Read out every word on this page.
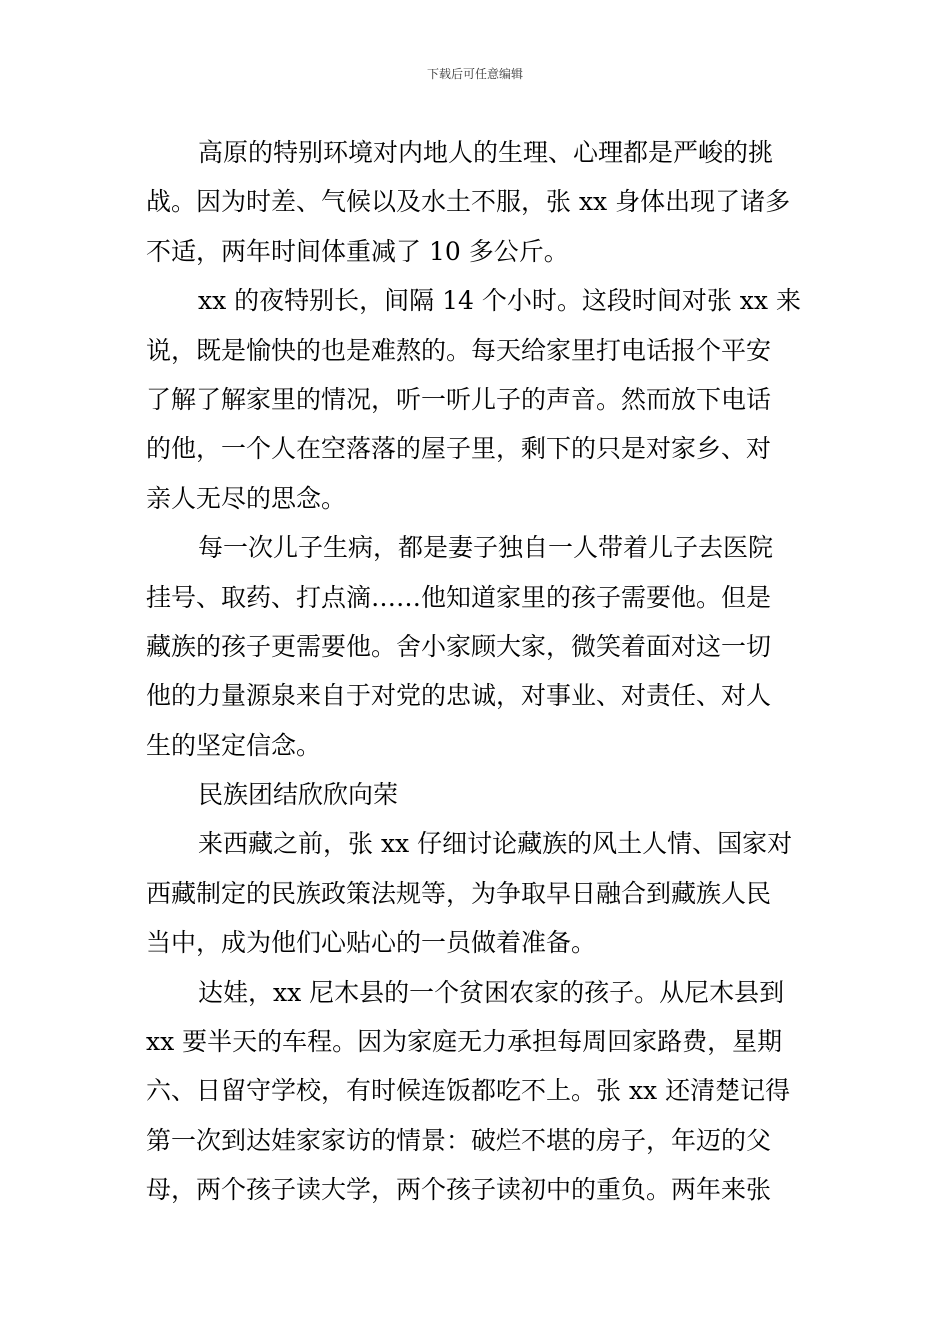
下载后可任意编辑
高原的特别环境对内地人的生理、心理都是严峻的挑
战。因为时差、气候以及水土不服，张 xx 身体出现了诸多
不适，两年时间体重减了 10 多公斤。
xx 的夜特别长，间隔 14 个小时。这段时间对张 xx 来
说，既是愉快的也是难熬的。每天给家里打电话报个平安
了解了解家里的情况，听一听儿子的声音。然而放下电话
的他，一个人在空落落的屋子里，剩下的只是对家乡、对
亲人无尽的思念。
每一次儿子生病，都是妻子独自一人带着儿子去医院
挂号、取药、打点滴……他知道家里的孩子需要他。但是
藏族的孩子更需要他。舍小家顾大家，微笑着面对这一切
他的力量源泉来自于对党的忠诚，对事业、对责任、对人
生的坚定信念。
民族团结欣欣向荣
来西藏之前，张 xx 仔细讨论藏族的风土人情、国家对
西藏制定的民族政策法规等，为争取早日融合到藏族人民
当中，成为他们心贴心的一员做着准备。
达娃，xx 尼木县的一个贫困农家的孩子。从尼木县到
xx 要半天的车程。因为家庭无力承担每周回家路费，星期
六、日留守学校，有时候连饭都吃不上。张 xx 还清楚记得
第一次到达娃家家访的情景：破烂不堪的房子，年迈的父
母，两个孩子读大学，两个孩子读初中的重负。两年来张
